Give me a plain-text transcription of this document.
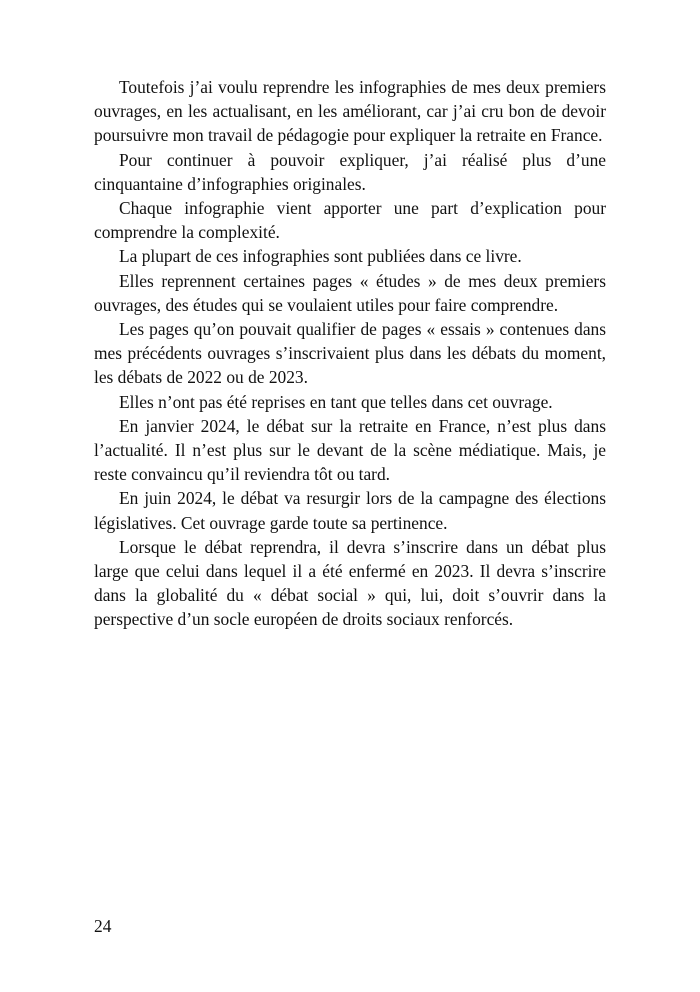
Toutefois j’ai voulu reprendre les infographies de mes deux premiers ouvrages, en les actualisant, en les améliorant, car j’ai cru bon de devoir poursuivre mon travail de pédagogie pour expliquer la retraite en France.

Pour continuer à pouvoir expliquer, j’ai réalisé plus d’une cinquantaine d’infographies originales.

Chaque infographie vient apporter une part d’explication pour comprendre la complexité.

La plupart de ces infographies sont publiées dans ce livre.

Elles reprennent certaines pages « études » de mes deux premiers ouvrages, des études qui se voulaient utiles pour faire comprendre.

Les pages qu’on pouvait qualifier de pages « essais » contenues dans mes précédents ouvrages s’inscrivaient plus dans les débats du moment, les débats de 2022 ou de 2023.

Elles n’ont pas été reprises en tant que telles dans cet ouvrage.

En janvier 2024, le débat sur la retraite en France, n’est plus dans l’actualité. Il n’est plus sur le devant de la scène médiatique. Mais, je reste convaincu qu’il reviendra tôt ou tard.

En juin 2024, le débat va resurgir lors de la campagne des élections législatives. Cet ouvrage garde toute sa pertinence.

Lorsque le débat reprendra, il devra s’inscrire dans un débat plus large que celui dans lequel il a été enfermé en 2023. Il devra s’inscrire dans la globalité du « débat social » qui, lui, doit s’ouvrir dans la perspective d’un socle européen de droits sociaux renforcés.

24
